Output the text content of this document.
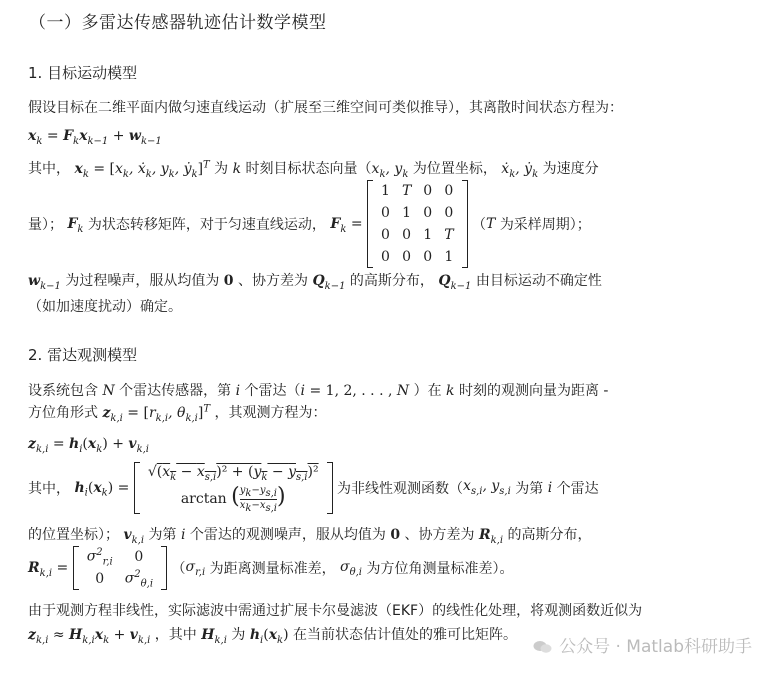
（一）多雷达传感器轨迹估计数学模型
1. 目标运动模型
假设目标在二维平面内做匀速直线运动（扩展至三维空间可类似推导），其离散时间状态方程为：
$x_k = F_kx_{k-1} + w_{k-1}$
其中， $x_k = [x_k$, ẋ$_k$, $y_k$, ẏ$_k$]$^T$ 为 k 时刻目标状态向量（$x_k$, $y_k$ 为位置坐标， ẋ$_k$, ẏ$_k$ 为速度分
量）； $F_k$ 为状态转移矩阵，对于匀速直线运动， $F_k$ =
1	T	0	0
0	1	0	0
0	0	1	T
0	0	0	1
（T 为采样周期）；
$w_{k-1}$ 为过程噪声，服从均值为 0 、协方差为 $Q_{k-1}$ 的高斯分布， $Q_{k-1}$ 由目标运动不确定性
（如加速度扰动）确定。
2. 雷达观测模型
设系统包含 N 个雷达传感器，第 i 个雷达（i = 1, 2, . . . , N ）在 k 时刻的观测向量为距离 -
方位角形式 $z_{k,i} = [r_{k,i}$, $\theta_{k,i}]^T$ ，其观测方程为：
$z_{k,i} = h_i(x_k) + v_{k,i}$
其中， $h_i(x_k)$ =
$√(x_k - x_{s,i})^2 + (y_k - y_{s,i})^2$
arctan ( $y_k-y_{s,i}$
$x_k-x_{s,i}$)	为非线性观测函数（$x_{s,i}$, $y_{s,i}$ 为第 i 个雷达
的位置坐标）； $v_{k,i}$ 为第 i 个雷达的观测噪声，服从均值为 0 、协方差为 $R_{k,i}$ 的高斯分布，
$R_{k,i}$ =
$\sigma^2_{r,i}$	0
0	$\sigma^2_{\theta,i}$
（$\sigma_{r,i}$ 为距离测量标准差， $\sigma_{\theta,i}$ 为方位角测量标准差）。
由于观测方程非线性，实际滤波中需通过扩展卡尔曼滤波（EKF）的线性化处理，将观测函数近似为
$z_{k,i} \approx H_{k,i}x_k + v_{k,i}$ ，其中 $H_{k,i}$ 为 $h_i(x_k)$ 在当前状态估计值处的雅可比矩阵。
公众号 · Matlab科研助手
